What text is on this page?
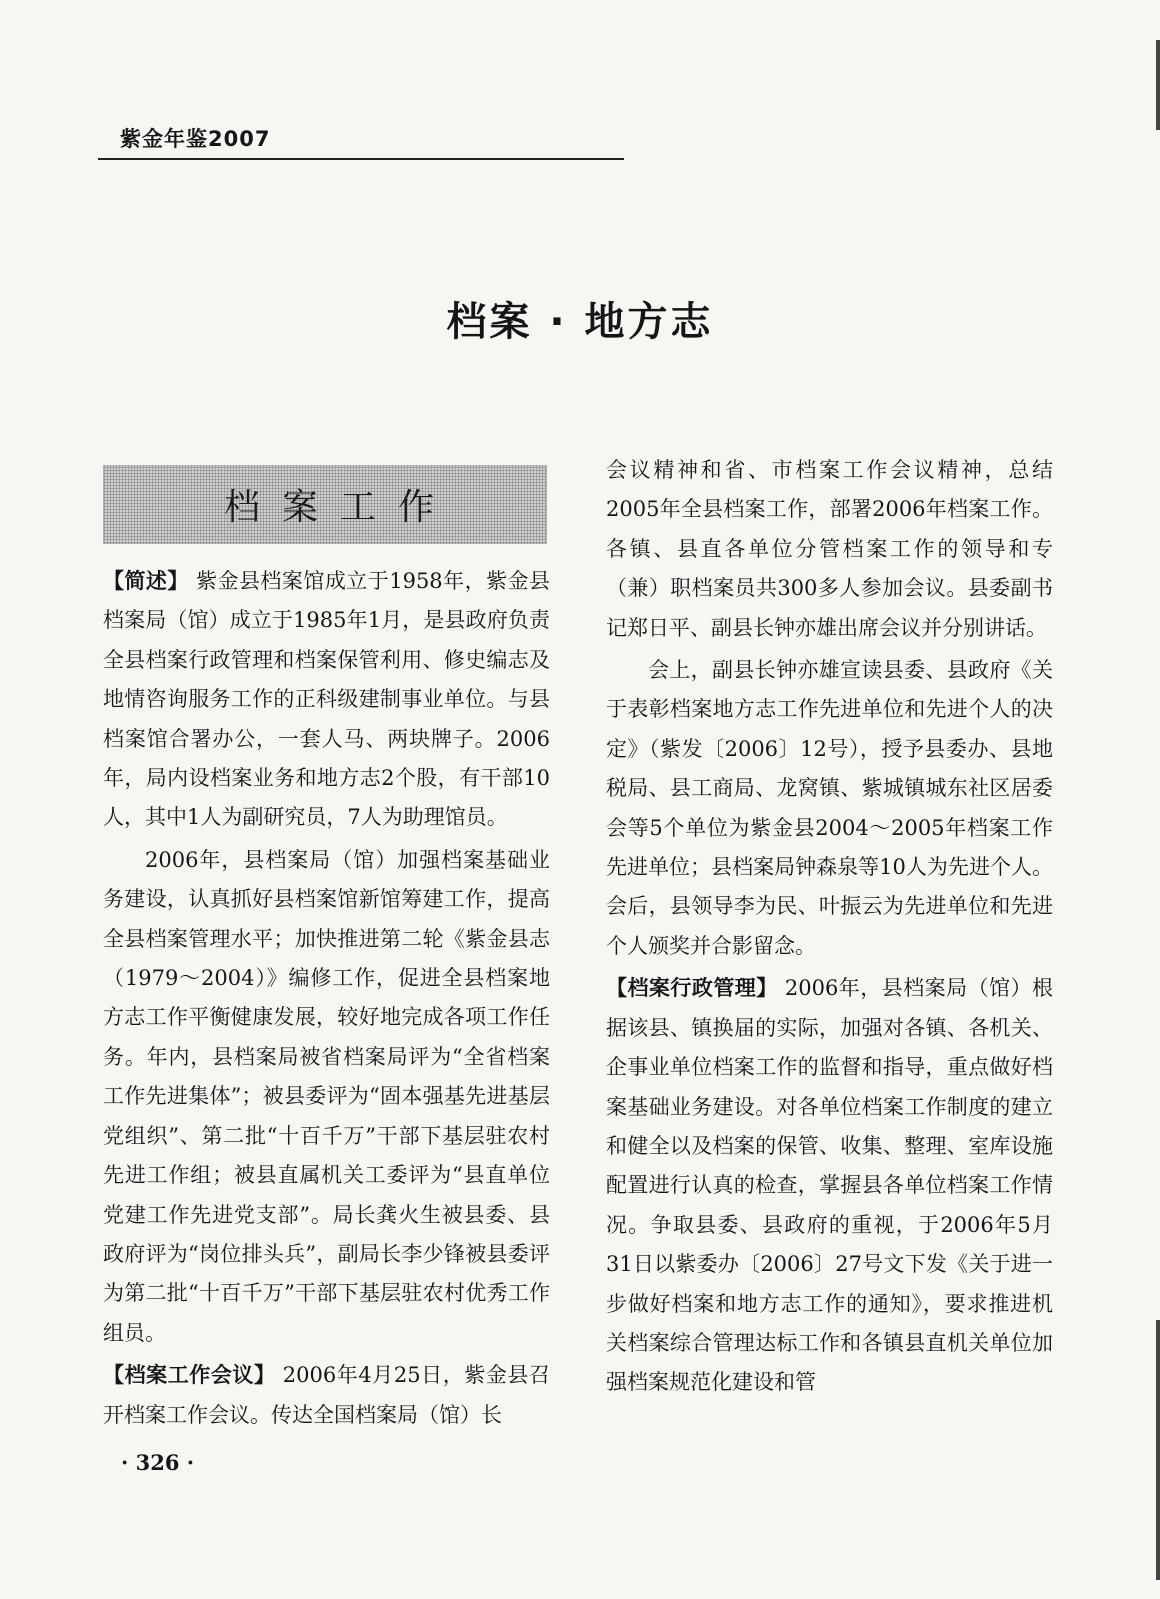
紫金年鉴2007
档案 · 地方志
档案工作

【简述】 紫金县档案馆成立于1958年，紫金县档案局（馆）成立于1985年1月，是县政府负责全县档案行政管理和档案保管利用、修史编志及地情咨询服务工作的正科级建制事业单位。与县档案馆合署办公，一套人马、两块牌子。2006年，局内设档案业务和地方志2个股，有干部10人，其中1人为副研究员，7人为助理馆员。

2006年，县档案局（馆）加强档案基础业务建设，认真抓好县档案馆新馆筹建工作，提高全县档案管理水平；加快推进第二轮《紫金县志（1979～2004）》编修工作，促进全县档案地方志工作平衡健康发展，较好地完成各项工作任务。年内，县档案局被省档案局评为“全省档案工作先进集体”；被县委评为“固本强基先进基层党组织”、第二批“十百千万”干部下基层驻农村先进工作组；被县直属机关工委评为“县直单位党建工作先进党支部”。局长龚火生被县委、县政府评为“岗位排头兵”，副局长李少锋被县委评为第二批“十百千万”干部下基层驻农村优秀工作组员。

【档案工作会议】 2006年4月25日，紫金县召开档案工作会议。传达全国档案局（馆）长

会议精神和省、市档案工作会议精神，总结2005年全县档案工作，部署2006年档案工作。各镇、县直各单位分管档案工作的领导和专（兼）职档案员共300多人参加会议。县委副书记郑日平、副县长钟亦雄出席会议并分别讲话。

会上，副县长钟亦雄宣读县委、县政府《关于表彰档案地方志工作先进单位和先进个人的决定》（紫发〔2006〕12号），授予县委办、县地税局、县工商局、龙窝镇、紫城镇城东社区居委会等5个单位为紫金县2004～2005年档案工作先进单位；县档案局钟森泉等10人为先进个人。会后，县领导李为民、叶振云为先进单位和先进个人颁奖并合影留念。

【档案行政管理】 2006年，县档案局（馆）根据该县、镇换届的实际，加强对各镇、各机关、企事业单位档案工作的监督和指导，重点做好档案基础业务建设。对各单位档案工作制度的建立和健全以及档案的保管、收集、整理、室库设施配置进行认真的检查，掌握县各单位档案工作情况。争取县委、县政府的重视，于2006年5月31日以紫委办〔2006〕27号文下发《关于进一步做好档案和地方志工作的通知》，要求推进机关档案综合管理达标工作和各镇县直机关单位加强档案规范化建设和管

· 326 ·
